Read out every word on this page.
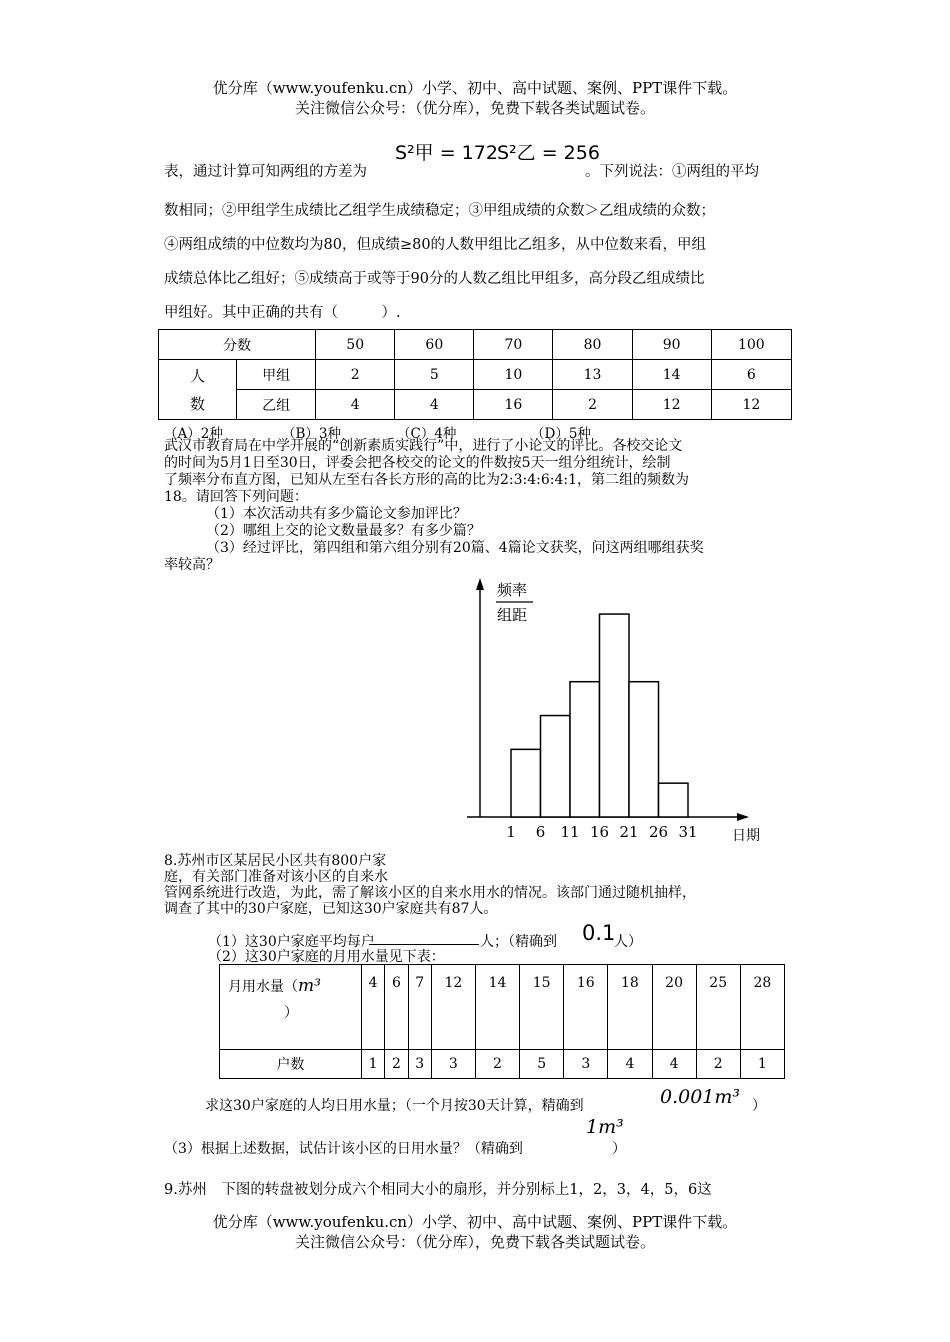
优分库（www.youfenku.cn）小学、初中、高中试题、案例、PPT课件下载。
关注微信公众号：（优分库），免费下载各类试题试卷。
S²甲 = 172 S²乙 = 256
表，通过计算可知两组的方差为	。下列说法：①两组的平均
数相同；②甲组学生成绩比乙组学生成绩稳定；③甲组成绩的众数＞乙组成绩的众数；
④两组成绩的中位数均为80，但成绩≥80的人数甲组比乙组多，从中位数来看，甲组
成绩总体比乙组好；⑤成绩高于或等于90分的人数乙组比甲组多，高分段乙组成绩比
甲组好。其中正确的共有（　　　）.
分数		50	60	70	80	90	100

人
数	甲组	2	5	10	13	14	6
	乙组	4	4	16	2	12	12
（A）2种	（B）3种	（C）4种	（D）5种
武汉市教育局在中学开展的“创新素质实践行”中，进行了小论文的评比。各校交论文
的时间为5月1日至30日，评委会把各校交的论文的件数按5天一组分组统计，绘制
了频率分布直方图，已知从左至右各长方形的高的比为2:3:4:6:4:1，第二组的频数为
18。请回答下列问题：
（1）本次活动共有多少篇论文参加评比？
（2）哪组上交的论文数量最多？有多少篇？
（3）经过评比，第四组和第六组分别有20篇、4篇论文获奖，问这两组哪组获奖
率较高？
频率
组距
日期
1 6 11 16 21 26 31
8.苏州市区某居民小区共有800户家
庭，有关部门准备对该小区的自来水
管网系统进行改造，为此，需了解该小区的自来水用水的情况。该部门通过随机抽样，
调查了其中的30户家庭，已知这30户家庭共有87人。
（1）这30户家庭平均每户	人；（精确到 0.1
人）
（2）这30户家庭的月用水量见下表：
月用水量（m³
）	4	6	7	12	14	15	16	18	20	25	28
户数	1	2	3	3	2	5	3	4	4	2	1
求这30户家庭的人均日用水量；（一个月按30天计算，精确到	0.001m³ ）
1m³
（3）根据上述数据，试估计该小区的日用水量？（精确到	）
9.苏州　下图的转盘被划分成六个相同大小的扇形，并分别标上1，2，3，4，5，6这
优分库（www.youfenku.cn）小学、初中、高中试题、案例、PPT课件下载。
关注微信公众号：（优分库），免费下载各类试题试卷。
